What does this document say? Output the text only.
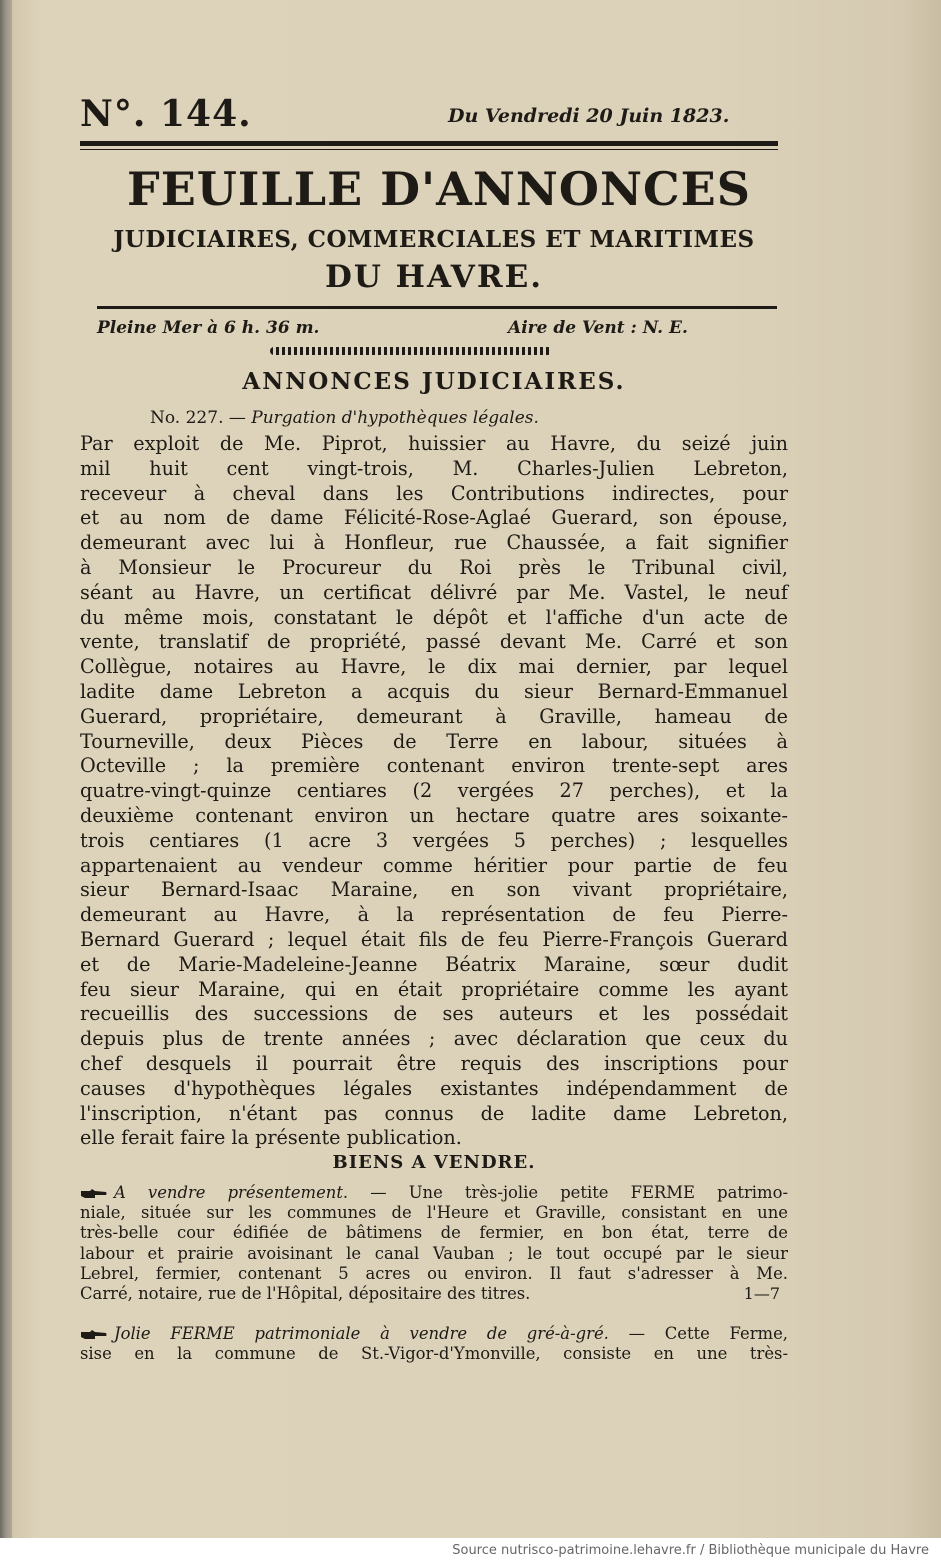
N°. 144.	Du Vendredi 20 Juin 1823.
FEUILLE D'ANNONCES
JUDICIAIRES, COMMERCIALES ET MARITIMES
DU HAVRE.
Pleine Mer à 6 h. 36 m.	Aire de Vent : N. E.
ANNONCES JUDICIAIRES.
No. 227. — Purgation d'hypothèques légales.
Par exploit de Me. Piprot, huissier au Havre, du seizé juin
mil huit cent vingt-trois, M. Charles-Julien Lebreton,
receveur à cheval dans les Contributions indirectes, pour
et au nom de dame Félicité-Rose-Aglaé Guerard, son épouse,
demeurant avec lui à Honfleur, rue Chaussée, a fait signifier
à Monsieur le Procureur du Roi près le Tribunal civil,
séant au Havre, un certificat délivré par Me. Vastel, le neuf
du même mois, constatant le dépôt et l'affiche d'un acte de
vente, translatif de propriété, passé devant Me. Carré et son
Collègue, notaires au Havre, le dix mai dernier, par lequel
ladite dame Lebreton a acquis du sieur Bernard-Emmanuel
Guerard, propriétaire, demeurant à Graville, hameau de
Tourneville, deux Pièces de Terre en labour, situées à
Octeville ; la première contenant environ trente-sept ares
quatre-vingt-quinze centiares (2 vergées 27 perches), et la
deuxième contenant environ un hectare quatre ares soixante-
trois centiares (1 acre 3 vergées 5 perches) ; lesquelles
appartenaient au vendeur comme héritier pour partie de feu
sieur Bernard-Isaac Maraine, en son vivant propriétaire,
demeurant au Havre, à la représentation de feu Pierre-
Bernard Guerard ; lequel était fils de feu Pierre-François Guerard
et de Marie-Madeleine-Jeanne Béatrix Maraine, sœur dudit
feu sieur Maraine, qui en était propriétaire comme les ayant
recueillis des successions de ses auteurs et les possédait
depuis plus de trente années ; avec déclaration que ceux du
chef desquels il pourrait être requis des inscriptions pour
causes d'hypothèques légales existantes indépendamment de
l'inscription, n'étant pas connus de ladite dame Lebreton,
elle ferait faire la présente publication.
BIENS A VENDRE.
A vendre présentement. — Une très-jolie petite FERME patrimo-
niale, située sur les communes de l'Heure et Graville, consistant en une
très-belle cour édifiée de bâtimens de fermier, en bon état, terre de
labour et prairie avoisinant le canal Vauban ; le tout occupé par le sieur
Lebrel, fermier, contenant 5 acres ou environ. Il faut s'adresser à Me.
Carré, notaire, rue de l'Hôpital, dépositaire des titres.	1—7
Jolie FERME patrimoniale à vendre de gré-à-gré. — Cette Ferme,
sise en la commune de St.-Vigor-d'Ymonville, consiste en une très-
Source nutrisco-patrimoine.lehavre.fr / Bibliothèque municipale du Havre
